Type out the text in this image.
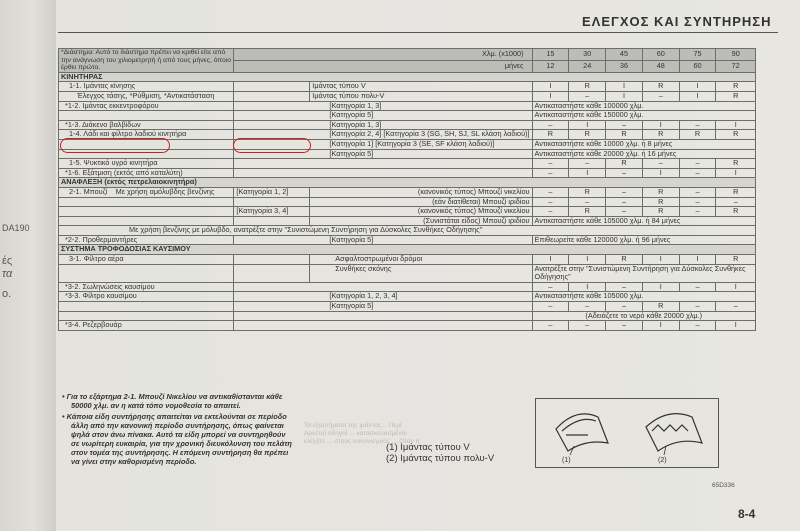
DA190
ές
τα
ο.
ΕΛΕΓΧΟΣ ΚΑΙ ΣΥΝΤΗΡΗΣΗ
*Διάστημα: Αυτό το διάστημα πρέπει να κριθεί είτε από την ανάγνωση του χιλιομετρητή ή από τους μήνες, όποιο έρθει πρώτο.	Χλμ. (x1000)		15	30	45	60	75	90
	μήνες		12	24	36	48	60	72
ΚΙΝΗΤΗΡΑΣ								
1-1. Ιμάντας κίνησης		Ιμάντας τύπου V	I	R	I	R	I	R
Έλεγχος τάσης, *Ρύθμιση, *Αντικατάσταση		Ιμάντας τύπου πολυ-V	I	–	I	–	I	R
*1-2. Ιμάντας εκκεντροφόρου	[Κατηγορία 1, 3]		Αντικαταστήστε κάθε 100000 χλμ.					
	[Κατηγορία 5]		Αντικαταστήστε κάθε 150000 χλμ.					
*1-3. Διάκενο βαλβίδων	[Κατηγορία 1, 3]		–	I	–	I	–	I
1-4. Λάδι και φίλτρο λαδιού κινητήρα	[Κατηγορία 2, 4] [Κατηγορία 3 (SG, SH, SJ, SL κλάση λαδιού)]		R	R	R	R	R	R
	[Κατηγορία 1] [Κατηγορία 3 (SE, SF κλάση λαδιού)]		Αντικαταστήστε κάθε 10000 χλμ. ή 8 μήνες					
	[Κατηγορία 5]		Αντικαταστήστε κάθε 20000 χλμ. ή 16 μήνες					
1-5. Ψυκτικό υγρό κινητήρα			–	–	R	–	–	R
*1-6. Εξάτμιση (εκτός από καταλύτη)			–	I	–	I	–	I
ΑΝΑΦΛΕΞΗ (εκτός πετρελαιοκινητήρα)								
2-1. Μπουζί Με χρήση αμόλυβδης βενζίνης	[Κατηγορία 1, 2]	(κανονικός τύπος) Μπουζί νικελίου	–	R	–	R	–	R
		(εάν διατίθεται) Μπουζί ιριδίου	–	–	–	R	–	–
	[Κατηγορία 3, 4]	(κανονικός τύπος) Μπουζί νικελίου	–	R	–	R	–	R
		(Συνιστάται είδος) Μπουζί ιριδίου	Αντικαταστήστε κάθε 105000 χλμ. ή 84 μήνες					
Με χρήση βενζίνης με μόλυβδο, ανατρέξτε στην "Συνιστώμενη Συντήρηση για Δύσκολες Συνθήκες Οδήγησης"								
*2-2. Προθερμαντήρες	[Κατηγορία 5]		Επιθεωρείτε κάθε 120000 χλμ. ή 96 μήνες					
ΣΥΣΤΗΜΑ ΤΡΟΦΟΔΟΣΙΑΣ ΚΑΥΣΙΜΟΥ								
3-1. Φίλτρο αέρα		Ασφαλτοστρωμένοι δρόμοι	I	I	R	I	I	R
		Συνθήκες σκόνης	Ανατρέξτε στην "Συνιστώμενη Συντήρηση για Δύσκολες Συνθήκες Οδήγησης"					
*3-2. Σωληνώσεις καυσίμου			–	I	–	I	–	I
*3-3. Φίλτρο καυσίμου	[Κατηγορία 1, 2, 3, 4]		Αντικαταστήστε κάθε 105000 χλμ.					
	[Κατηγορία 5]		–	–	–	R	–	–
			(Αδειάζετε το νερό κάθε 20000 χλμ.)					
*3-4. Ρεζερβουάρ			–	–	–	I	–	I

• Για το εξάρτημα 2-1. Μπουζί Νικελίου να αντικαθίστανται κάθε 50000 χλμ. αν η κατά τόπο νομοθεσία το απαιτεί.

• Κάποια είδη συντήρησης απαιτείται να εκτελούνται σε περίοδο άλλη από την κανονική περίοδο συντήρησης, όπως φαίνεται ψηλά στον άνω πίνακα. Αυτό τα είδη μπορεί να συντηρηθούν σε νωρίτερη ευκαιρία, για την χρονική διευκόλυνση του πελάτη στον τομέα της συντήρησης. Η επόμενη συντήρηση θα πρέπει να γίνει στην καθορισμένη περίοδο.

Τα εξαρτήματα της ιμάντας... Περί
Αρκετοί οδηγοί ... κατασκευασμένοι
ελέγξτε ... στους κανονισμούς ... Οταν η
(1) Ιμάντας τύπου V
(2) Ιμάντας τύπου πολυ-V	(1)	(2)
65D336
8-4
